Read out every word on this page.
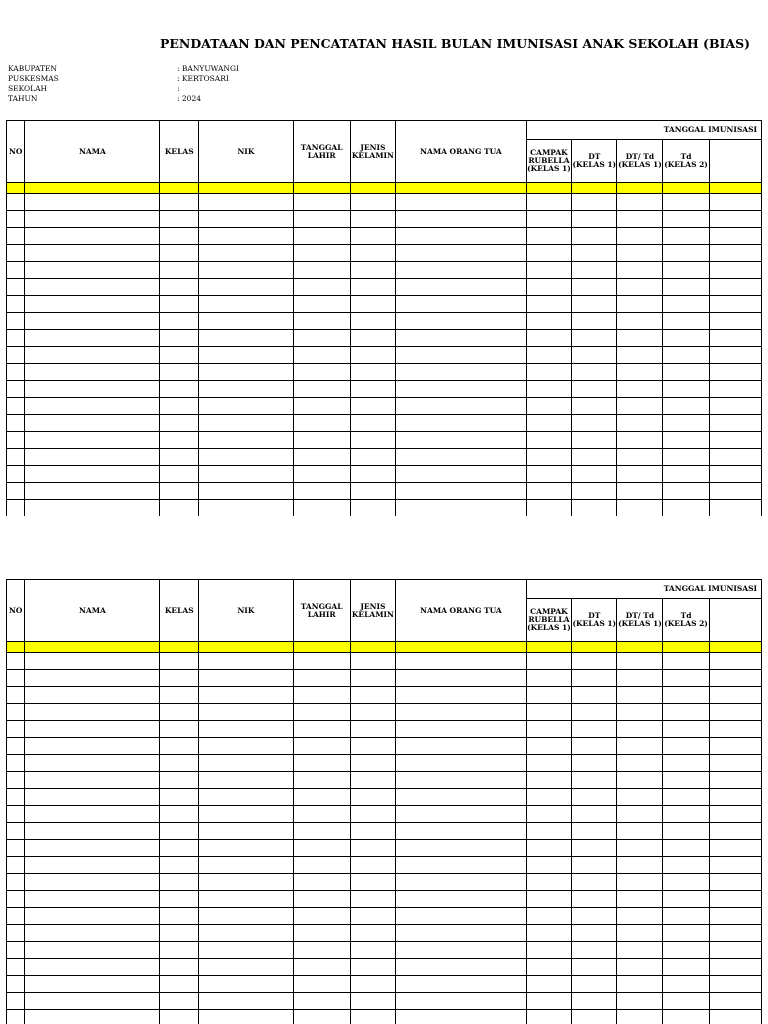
PENDATAAN DAN PENCATATAN HASIL BULAN IMUNISASI ANAK SEKOLAH (BIAS)
KABUPATEN	: BANYUWANGI
PUSKESMAS	: KERTOSARI
SEKOLAH	:
TAHUN	: 2024
NO	NAMA	KELAS	NIK	TANGGAL LAHIR	JENIS KELAMIN	NAMA ORANG TUA	TANGGAL IMUNISASI				
							CAMPAK RUBELLA (KELAS 1)	DT (KELAS 1)	DT/ Td (KELAS 1)	Td (KELAS 2)	

NO	NAMA	KELAS	NIK	TANGGAL LAHIR	JENIS KELAMIN	NAMA ORANG TUA	TANGGAL IMUNISASI				
							CAMPAK RUBELLA (KELAS 1)	DT (KELAS 1)	DT/ Td (KELAS 1)	Td (KELAS 2)	
